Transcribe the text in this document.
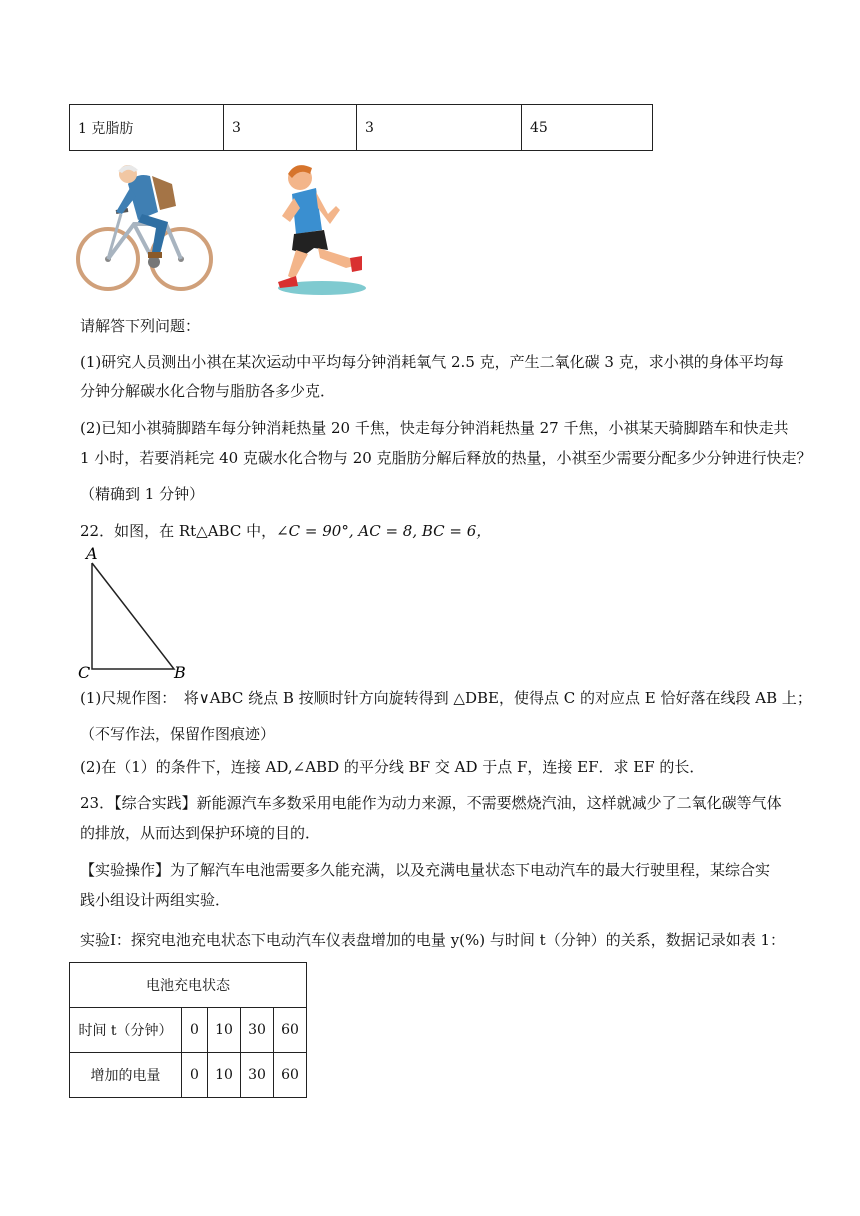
1 克脂肪	3	3	45
请解答下列问题：
(1)研究人员测出小祺在某次运动中平均每分钟消耗氧气 2.5 克，产生二氧化碳 3 克，求小祺的身体平均每
分钟分解碳水化合物与脂肪各多少克．
(2)已知小祺骑脚踏车每分钟消耗热量 20 千焦，快走每分钟消耗热量 27 千焦，小祺某天骑脚踏车和快走共
1 小时，若要消耗完 40 克碳水化合物与 20 克脂肪分解后释放的热量，小祺至少需要分配多少分钟进行快走？
（精确到 1 分钟）
22．如图，在 Rt△ABC 中，∠C = 90°, AC = 8, BC = 6，
A
C	B
(1)尺规作图：　将∨ABC 绕点 B 按顺时针方向旋转得到 △DBE，使得点 C 的对应点 E 恰好落在线段 AB 上；
（不写作法，保留作图痕迹）
(2)在（1）的条件下，连接 AD,∠ABD 的平分线 BF 交 AD 于点 F，连接 EF．求 EF 的长．
23．【综合实践】新能源汽车多数采用电能作为动力来源，不需要燃烧汽油，这样就减少了二氧化碳等气体
的排放，从而达到保护环境的目的．
【实验操作】为了解汽车电池需要多久能充满，以及充满电量状态下电动汽车的最大行驶里程，某综合实
践小组设计两组实验．
实验Ⅰ：探究电池充电状态下电动汽车仪表盘增加的电量 y(%) 与时间 t（分钟）的关系，数据记录如表 1：
电池充电状态				
时间 t（分钟）	0	10	30	60
增加的电量	0	10	30	60
